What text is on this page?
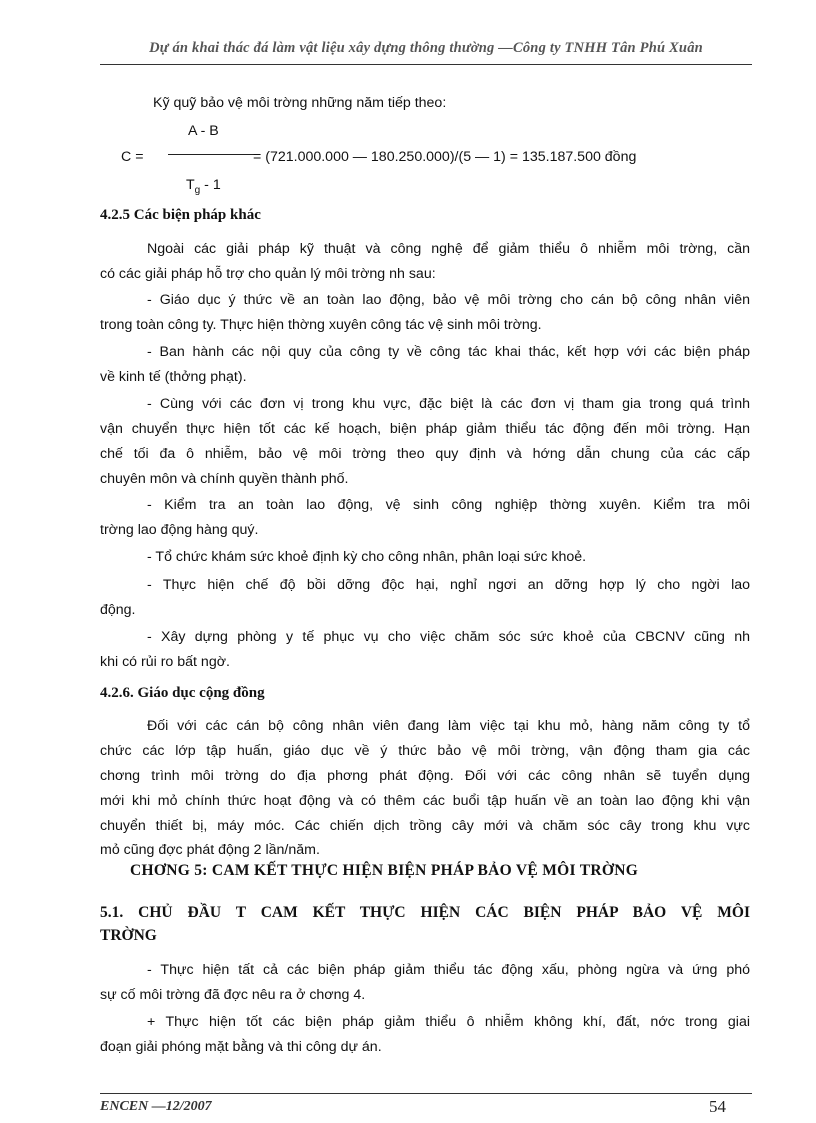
Dự án khai thác đá làm vật liệu xây dựng thông thường —Công ty TNHH Tân Phú Xuân
Kỹ quỹ bảo vệ môi trờng những năm tiếp theo:
A - B
C =	= (721.000.000 — 180.250.000)/(5 — 1) = 135.187.500 đồng
$T_g - 1$
4.2.5 Các biện pháp khác
Ngoài các giải pháp kỹ thuật và công nghệ để giảm thiểu ô nhiễm môi trờng, cần
có các giải pháp hỗ trợ cho quản lý môi trờng nh sau:
- Giáo dục ý thức về an toàn lao động, bảo vệ môi trờng cho cán bộ công nhân viên
trong toàn công ty. Thực hiện thờng xuyên công tác vệ sinh môi trờng.
- Ban hành các nội quy của công ty về công tác khai thác, kết hợp với các biện pháp
về kinh tế (thởng phạt).
- Cùng với các đơn vị trong khu vực, đặc biệt là các đơn vị tham gia trong quá trình
vận chuyển thực hiện tốt các kế hoạch, biện pháp giảm thiểu tác động đến môi trờng. Hạn
chế tối đa ô nhiễm, bảo vệ môi trờng theo quy định và hớng dẫn chung của các cấp
chuyên môn và chính quyền thành phố.
- Kiểm tra an toàn lao động, vệ sinh công nghiệp thờng xuyên. Kiểm tra môi
trờng lao động hàng quý.
- Tổ chức khám sức khoẻ định kỳ cho công nhân, phân loại sức khoẻ.
- Thực hiện chế độ bồi dỡng độc hại, nghỉ ngơi an dỡng hợp lý cho ngời lao
động.
- Xây dựng phòng y tế phục vụ cho việc chăm sóc sức khoẻ của CBCNV cũng nh
khi có rủi ro bất ngờ.
4.2.6. Giáo dục cộng đồng
Đối với các cán bộ công nhân viên đang làm việc tại khu mỏ, hàng năm công ty tổ
chức các lớp tập huấn, giáo dục về ý thức bảo vệ môi trờng, vận động tham gia các
chơng trình môi trờng do địa phơng phát động. Đối với các công nhân sẽ tuyển dụng
mới khi mỏ chính thức hoạt động và có thêm các buổi tập huấn về an toàn lao động khi vận
chuyển thiết bị, máy móc. Các chiến dịch trồng cây mới và chăm sóc cây trong khu vực
mỏ cũng đợc phát động 2 lần/năm.
CHƠNG 5: CAM KẾT THỰC HIỆN BIỆN PHÁP BẢO VỆ MÔI TRỜNG
5.1. CHỦ ĐẦU T CAM KẾT THỰC HIỆN CÁC BIỆN PHÁP BẢO VỆ MÔI
TRỜNG
- Thực hiện tất cả các biện pháp giảm thiểu tác động xấu, phòng ngừa và ứng phó
sự cố môi trờng đã đợc nêu ra ở chơng 4.
+ Thực hiện tốt các biện pháp giảm thiểu ô nhiễm không khí, đất, nớc trong giai
đoạn giải phóng mặt bằng và thi công dự án.
ENCEN —12/2007	54
